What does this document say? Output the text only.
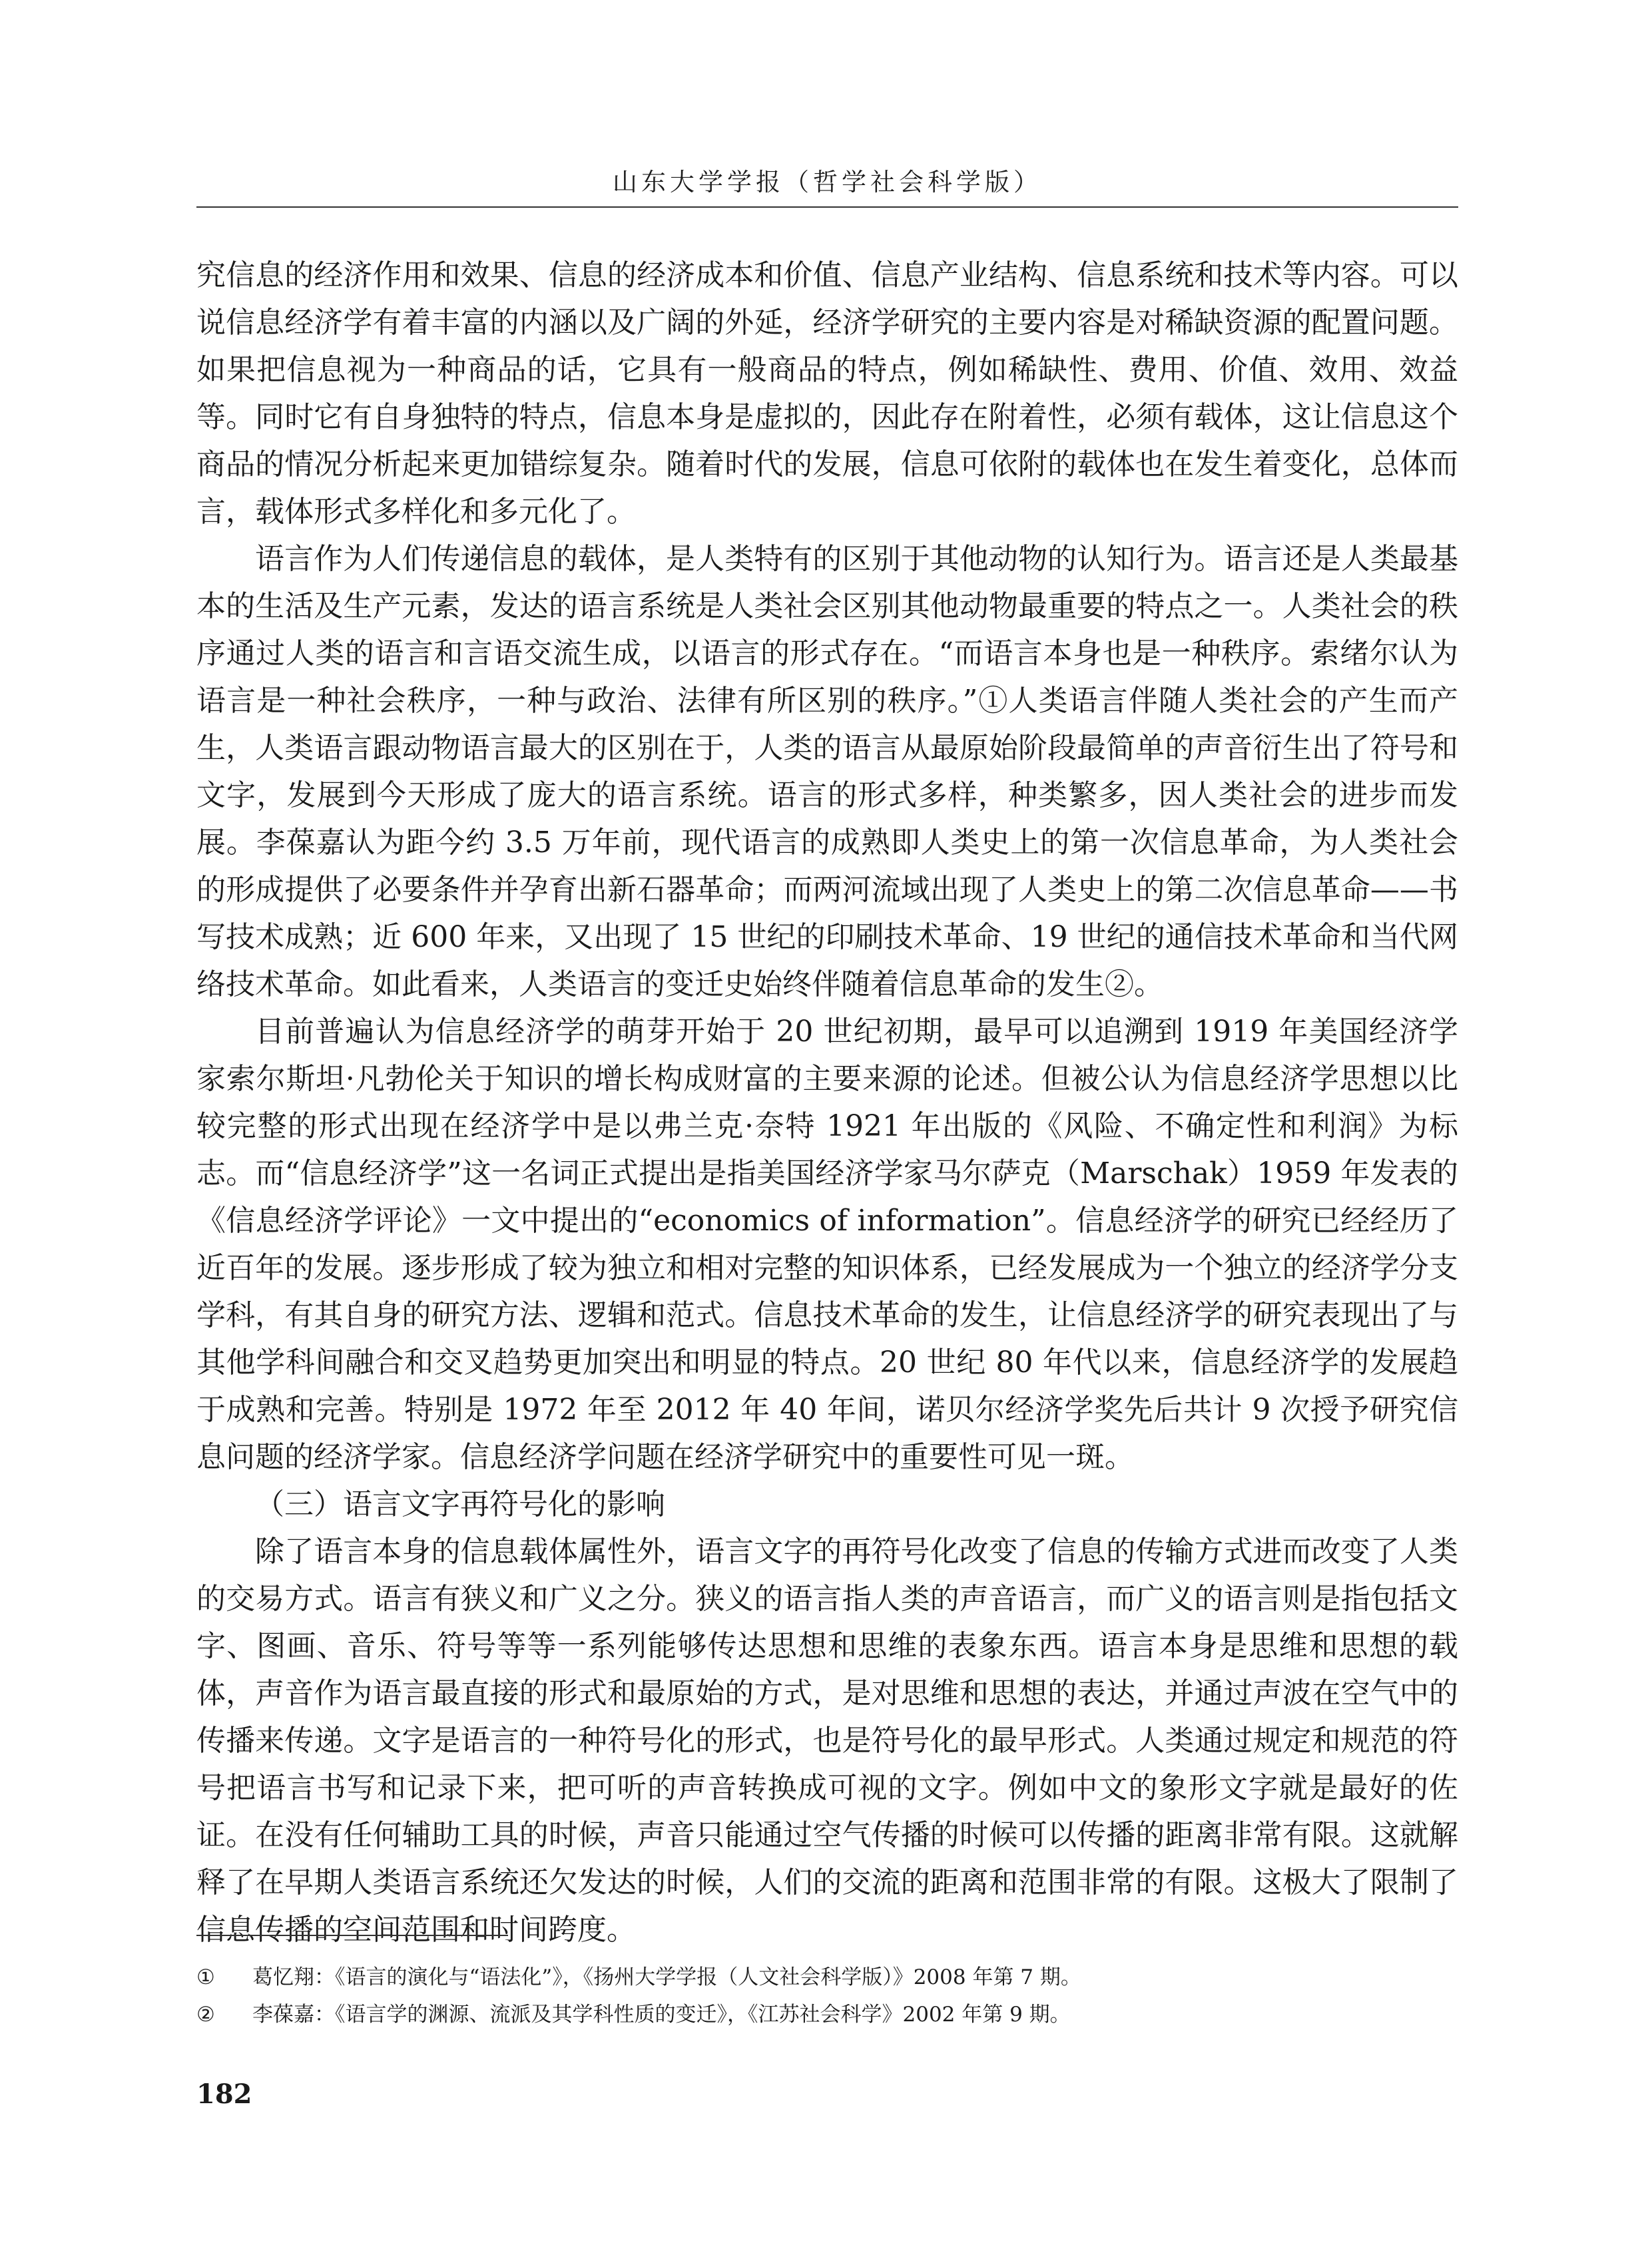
山东大学学报（哲学社会科学版）

究信息的经济作用和效果、信息的经济成本和价值、信息产业结构、信息系统和技术等内容。可以说信息经济学有着丰富的内涵以及广阔的外延，经济学研究的主要内容是对稀缺资源的配置问题。如果把信息视为一种商品的话，它具有一般商品的特点，例如稀缺性、费用、价值、效用、效益等。同时它有自身独特的特点，信息本身是虚拟的，因此存在附着性，必须有载体，这让信息这个商品的情况分析起来更加错综复杂。随着时代的发展，信息可依附的载体也在发生着变化，总体而言，载体形式多样化和多元化了。

语言作为人们传递信息的载体，是人类特有的区别于其他动物的认知行为。语言还是人类最基本的生活及生产元素，发达的语言系统是人类社会区别其他动物最重要的特点之一。人类社会的秩序通过人类的语言和言语交流生成，以语言的形式存在。“而语言本身也是一种秩序。索绪尔认为语言是一种社会秩序，一种与政治、法律有所区别的秩序。”①人类语言伴随人类社会的产生而产生，人类语言跟动物语言最大的区别在于，人类的语言从最原始阶段最简单的声音衍生出了符号和文字，发展到今天形成了庞大的语言系统。语言的形式多样，种类繁多，因人类社会的进步而发展。李葆嘉认为距今约 3.5 万年前，现代语言的成熟即人类史上的第一次信息革命，为人类社会的形成提供了必要条件并孕育出新石器革命；而两河流域出现了人类史上的第二次信息革命——书写技术成熟；近 600 年来，又出现了 15 世纪的印刷技术革命、19 世纪的通信技术革命和当代网络技术革命。如此看来，人类语言的变迁史始终伴随着信息革命的发生②。

目前普遍认为信息经济学的萌芽开始于 20 世纪初期，最早可以追溯到 1919 年美国经济学家索尔斯坦·凡勃伦关于知识的增长构成财富的主要来源的论述。但被公认为信息经济学思想以比较完整的形式出现在经济学中是以弗兰克·奈特 1921 年出版的《风险、不确定性和利润》为标志。而“信息经济学”这一名词正式提出是指美国经济学家马尔萨克（Marschak）1959 年发表的《信息经济学评论》一文中提出的“economics of information”。信息经济学的研究已经经历了近百年的发展。逐步形成了较为独立和相对完整的知识体系，已经发展成为一个独立的经济学分支学科，有其自身的研究方法、逻辑和范式。信息技术革命的发生，让信息经济学的研究表现出了与其他学科间融合和交叉趋势更加突出和明显的特点。20 世纪 80 年代以来，信息经济学的发展趋于成熟和完善。特别是 1972 年至 2012 年 40 年间，诺贝尔经济学奖先后共计 9 次授予研究信息问题的经济学家。信息经济学问题在经济学研究中的重要性可见一斑。

（三）语言文字再符号化的影响

除了语言本身的信息载体属性外，语言文字的再符号化改变了信息的传输方式进而改变了人类的交易方式。语言有狭义和广义之分。狭义的语言指人类的声音语言，而广义的语言则是指包括文字、图画、音乐、符号等等一系列能够传达思想和思维的表象东西。语言本身是思维和思想的载体，声音作为语言最直接的形式和最原始的方式，是对思维和思想的表达，并通过声波在空气中的传播来传递。文字是语言的一种符号化的形式，也是符号化的最早形式。人类通过规定和规范的符号把语言书写和记录下来，把可听的声音转换成可视的文字。例如中文的象形文字就是最好的佐证。在没有任何辅助工具的时候，声音只能通过空气传播的时候可以传播的距离非常有限。这就解释了在早期人类语言系统还欠发达的时候，人们的交流的距离和范围非常的有限。这极大了限制了信息传播的空间范围和时间跨度。

① 葛忆翔：《语言的演化与“语法化”》，《扬州大学学报（人文社会科学版）》2008 年第 7 期。

② 李葆嘉：《语言学的渊源、流派及其学科性质的变迁》，《江苏社会科学》2002 年第 9 期。

182
